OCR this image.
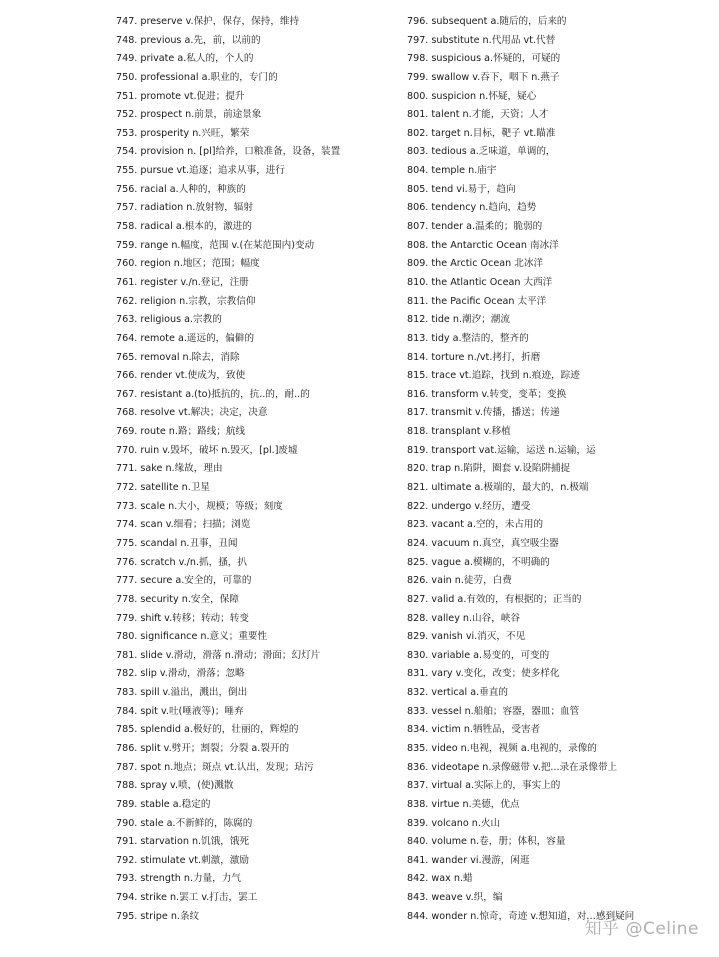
747. preserve v.保护，保存，保持，维持
748. previous a.先，前，以前的
749. private a.私人的，个人的
750. professional a.职业的，专门的
751. promote vt.促进；提升
752. prospect n.前景，前途景象
753. prosperity n.兴旺，繁荣
754. provision n. [pl]给养，口粮准备，设备，装置
755. pursue vt.追逐；追求从事，进行
756. racial a.人种的，种族的
757. radiation n.放射物，辐射
758. radical a.根本的，激进的
759. range n.幅度，范围 v.(在某范围内)变动
760. region n.地区；范围；幅度
761. register v./n.登记，注册
762. religion n.宗教，宗教信仰
763. religious a.宗教的
764. remote a.遥远的，偏僻的
765. removal n.除去，消除
766. render vt.使成为，致使
767. resistant a.(to)抵抗的，抗..的，耐..的
768. resolve vt.解决；决定，决意
769. route n.路；路线；航线
770. ruin v.毁坏，破坏 n.毁灭，[pl.]废墟
771. sake n.缘故，理由
772. satellite n.卫星
773. scale n.大小，规模；等级；刻度
774. scan v.细看；扫描；浏览
775. scandal n.丑事，丑闻
776. scratch v./n.抓，搔，扒
777. secure a.安全的，可靠的
778. security n.安全，保障
779. shift v.转移；转动；转变
780. significance n.意义；重要性
781. slide v.滑动，滑落 n.滑动；滑面；幻灯片
782. slip v.滑动，滑落；忽略
783. spill v.溢出，溅出，倒出
784. spit v.吐(唾液等)；唾弃
785. splendid a.极好的，壮丽的，辉煌的
786. split v.劈开；割裂；分裂 a.裂开的
787. spot n.地点；斑点 vt.认出，发现；玷污
788. spray v.喷，(使)溅散
789. stable a.稳定的
790. stale a.不新鲜的，陈腐的
791. starvation n.饥饿，饿死
792. stimulate vt.刺激，激励
793. strength n.力量，力气
794. strike n.罢工 v.打击，罢工
795. stripe n.条纹
796. subsequent a.随后的，后来的
797. substitute n.代用品 vt.代替
798. suspicious a.怀疑的，可疑的
799. swallow v.吞下，咽下 n.燕子
800. suspicion n.怀疑，疑心
801. talent n.才能，天资；人才
802. target n.目标，靶子 vt.瞄准
803. tedious a.乏味道，单调的，
804. temple n.庙宇
805. tend vi.易于，趋向
806. tendency n.趋向，趋势
807. tender a.温柔的；脆弱的
808. the Antarctic Ocean 南冰洋
809. the Arctic Ocean 北冰洋
810. the Atlantic Ocean 大西洋
811. the Pacific Ocean 太平洋
812. tide n.潮汐；潮流
813. tidy a.整洁的，整齐的
814. torture n./vt.拷打，折磨
815. trace vt.追踪，找到 n.痕迹，踪迹
816. transform v.转变，变革；变换
817. transmit v.传播，播送；传递
818. transplant v.移植
819. transport vat.运输，运送 n.运输，运
820. trap n.陷阱，圈套 v.设陷阱捕捉
821. ultimate a.极端的，最大的，n.极端
822. undergo v.经历，遭受
823. vacant a.空的，未占用的
824. vacuum n.真空，真空吸尘器
825. vague a.模糊的，不明确的
826. vain n.徒劳，白费
827. valid a.有效的，有根据的；正当的
828. valley n.山谷，峡谷
829. vanish vi.消灭，不见
830. variable a.易变的，可变的
831. vary v.变化，改变；使多样化
832. vertical a.垂直的
833. vessel n.船舶；容器，器皿；血管
834. victim n.牺牲品，受害者
835. video n.电视，视频 a.电视的，录像的
836. videotape n.录像磁带 v.把...录在录像带上
837. virtual a.实际上的，事实上的
838. virtue n.美德，优点
839. volcano n.火山
840. volume n.卷，册；体积，容量
841. wander vi.漫游，闲逛
842. wax n.蜡
843. weave v.织，编
844. wonder n.惊奇，奇迹 v.想知道，对…感到疑问
知乎 @Celine
